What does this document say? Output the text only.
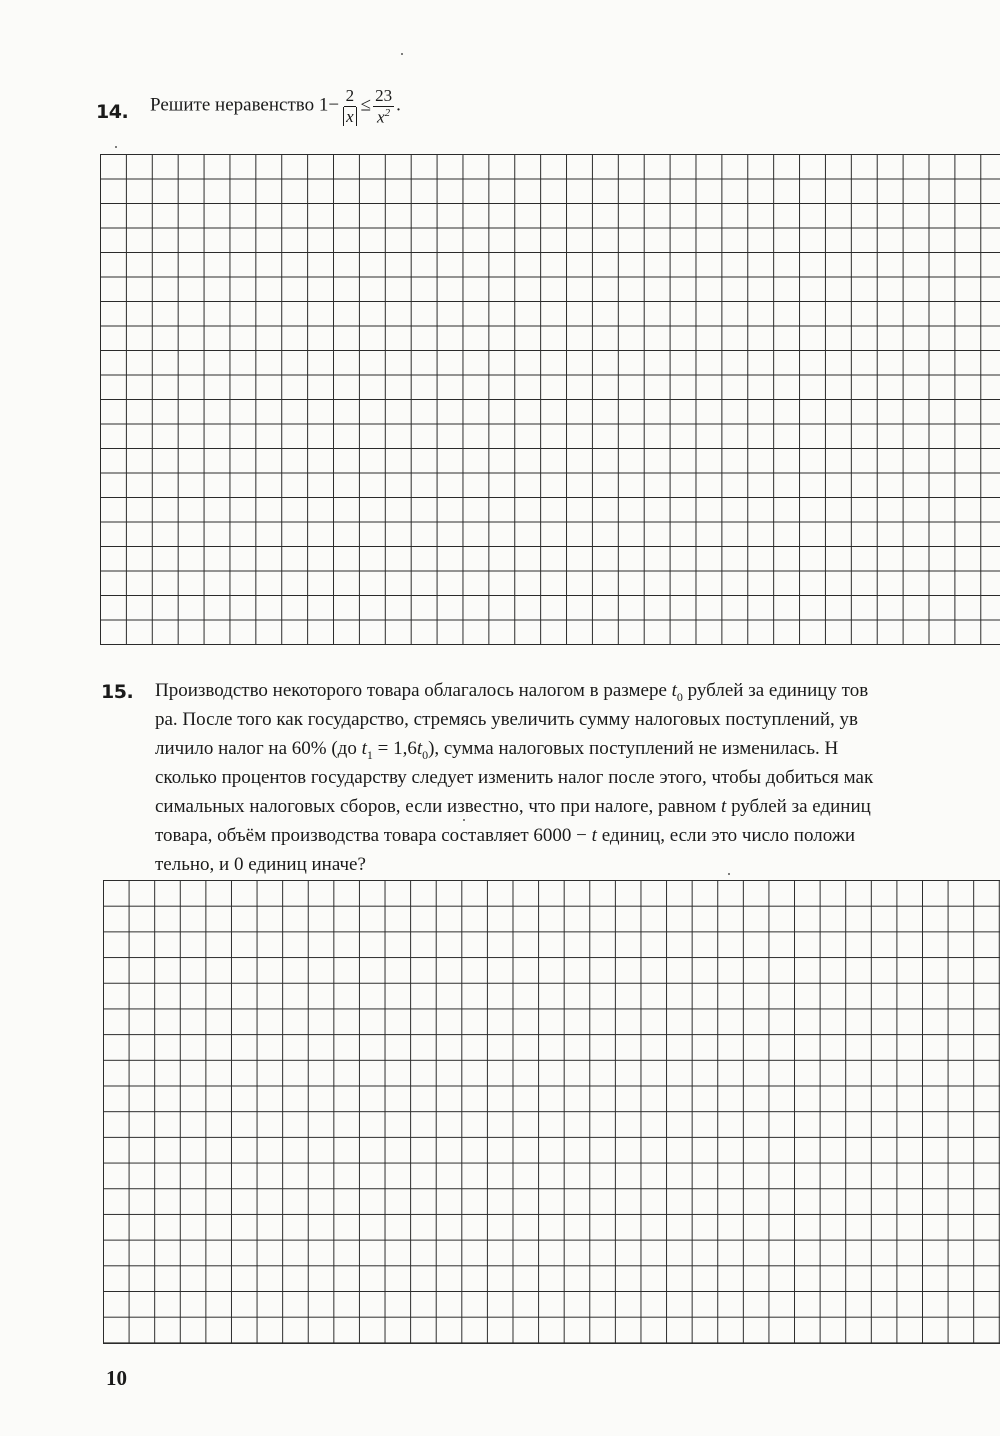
14. Решите неравенство $1- \frac{2}{x} \le \frac{23}{x^2}$ .
15. Производство некоторого товара облагалось налогом в размере $t_0$ рублей за единицу тов
ра. После того как государство, стремясь увеличить сумму налоговых поступлений, ув
личило налог на 60% (до $t_1 = 1,6t_0$), сумма налоговых поступлений не изменилась. Н
сколько процентов государству следует изменить налог после этого, чтобы добиться мак
симальных налоговых сборов, если известно, что при налоге, равном t рублей за единиц
товара, объём производства товара составляет 6000 − t единиц, если это число положи
тельно, и 0 единиц иначе?
10
